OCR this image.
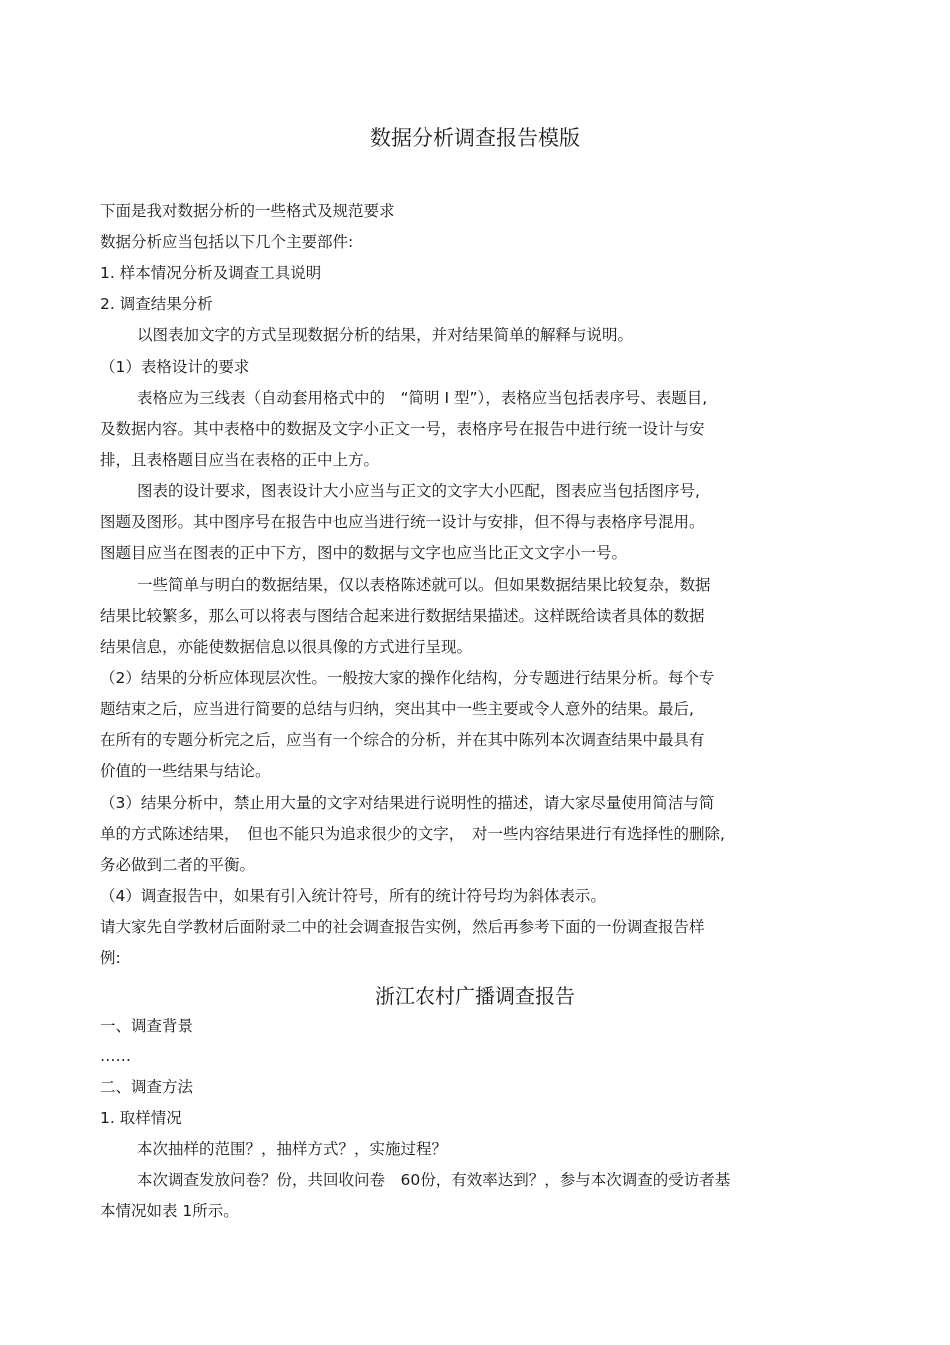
数据分析调查报告模版
下面是我对数据分析的一些格式及规范要求
数据分析应当包括以下几个主要部件:
1. 样本情况分析及调查工具说明
2. 调查结果分析
以图表加文字的方式呈现数据分析的结果，并对结果简单的解释与说明。
（1）表格设计的要求
表格应为三线表（自动套用格式中的　“简明 I 型”），表格应当包括表序号、表题目,
及数据内容。其中表格中的数据及文字小正文一号，表格序号在报告中进行统一设计与安
排，且表格题目应当在表格的正中上方。
图表的设计要求，图表设计大小应当与正文的文字大小匹配，图表应当包括图序号,
图题及图形。其中图序号在报告中也应当进行统一设计与安排，但不得与表格序号混用。
图题目应当在图表的正中下方，图中的数据与文字也应当比正文文字小一号。
一些简单与明白的数据结果，仅以表格陈述就可以。但如果数据结果比较复杂，数据
结果比较繁多，那么可以将表与图结合起来进行数据结果描述。这样既给读者具体的数据
结果信息，亦能使数据信息以很具像的方式进行呈现。
（2）结果的分析应体现层次性。一般按大家的操作化结构，分专题进行结果分析。每个专
题结束之后，应当进行简要的总结与归纳，突出其中一些主要或令人意外的结果。最后,
在所有的专题分析完之后，应当有一个综合的分析，并在其中陈列本次调查结果中最具有
价值的一些结果与结论。
（3）结果分析中，禁止用大量的文字对结果进行说明性的描述，请大家尽量使用简洁与简
单的方式陈述结果，　但也不能只为追求很少的文字，　对一些内容结果进行有选择性的删除,
务必做到二者的平衡。
（4）调查报告中，如果有引入统计符号，所有的统计符号均为斜体表示。
请大家先自学教材后面附录二中的社会调查报告实例，然后再参考下面的一份调查报告样
例:
浙江农村广播调查报告
一、调查背景
……
二、调查方法
1. 取样情况
本次抽样的范围？，抽样方式？，实施过程？
本次调查发放问卷？份，共回收问卷　60份，有效率达到？，参与本次调查的受访者基
本情况如表 1所示。
